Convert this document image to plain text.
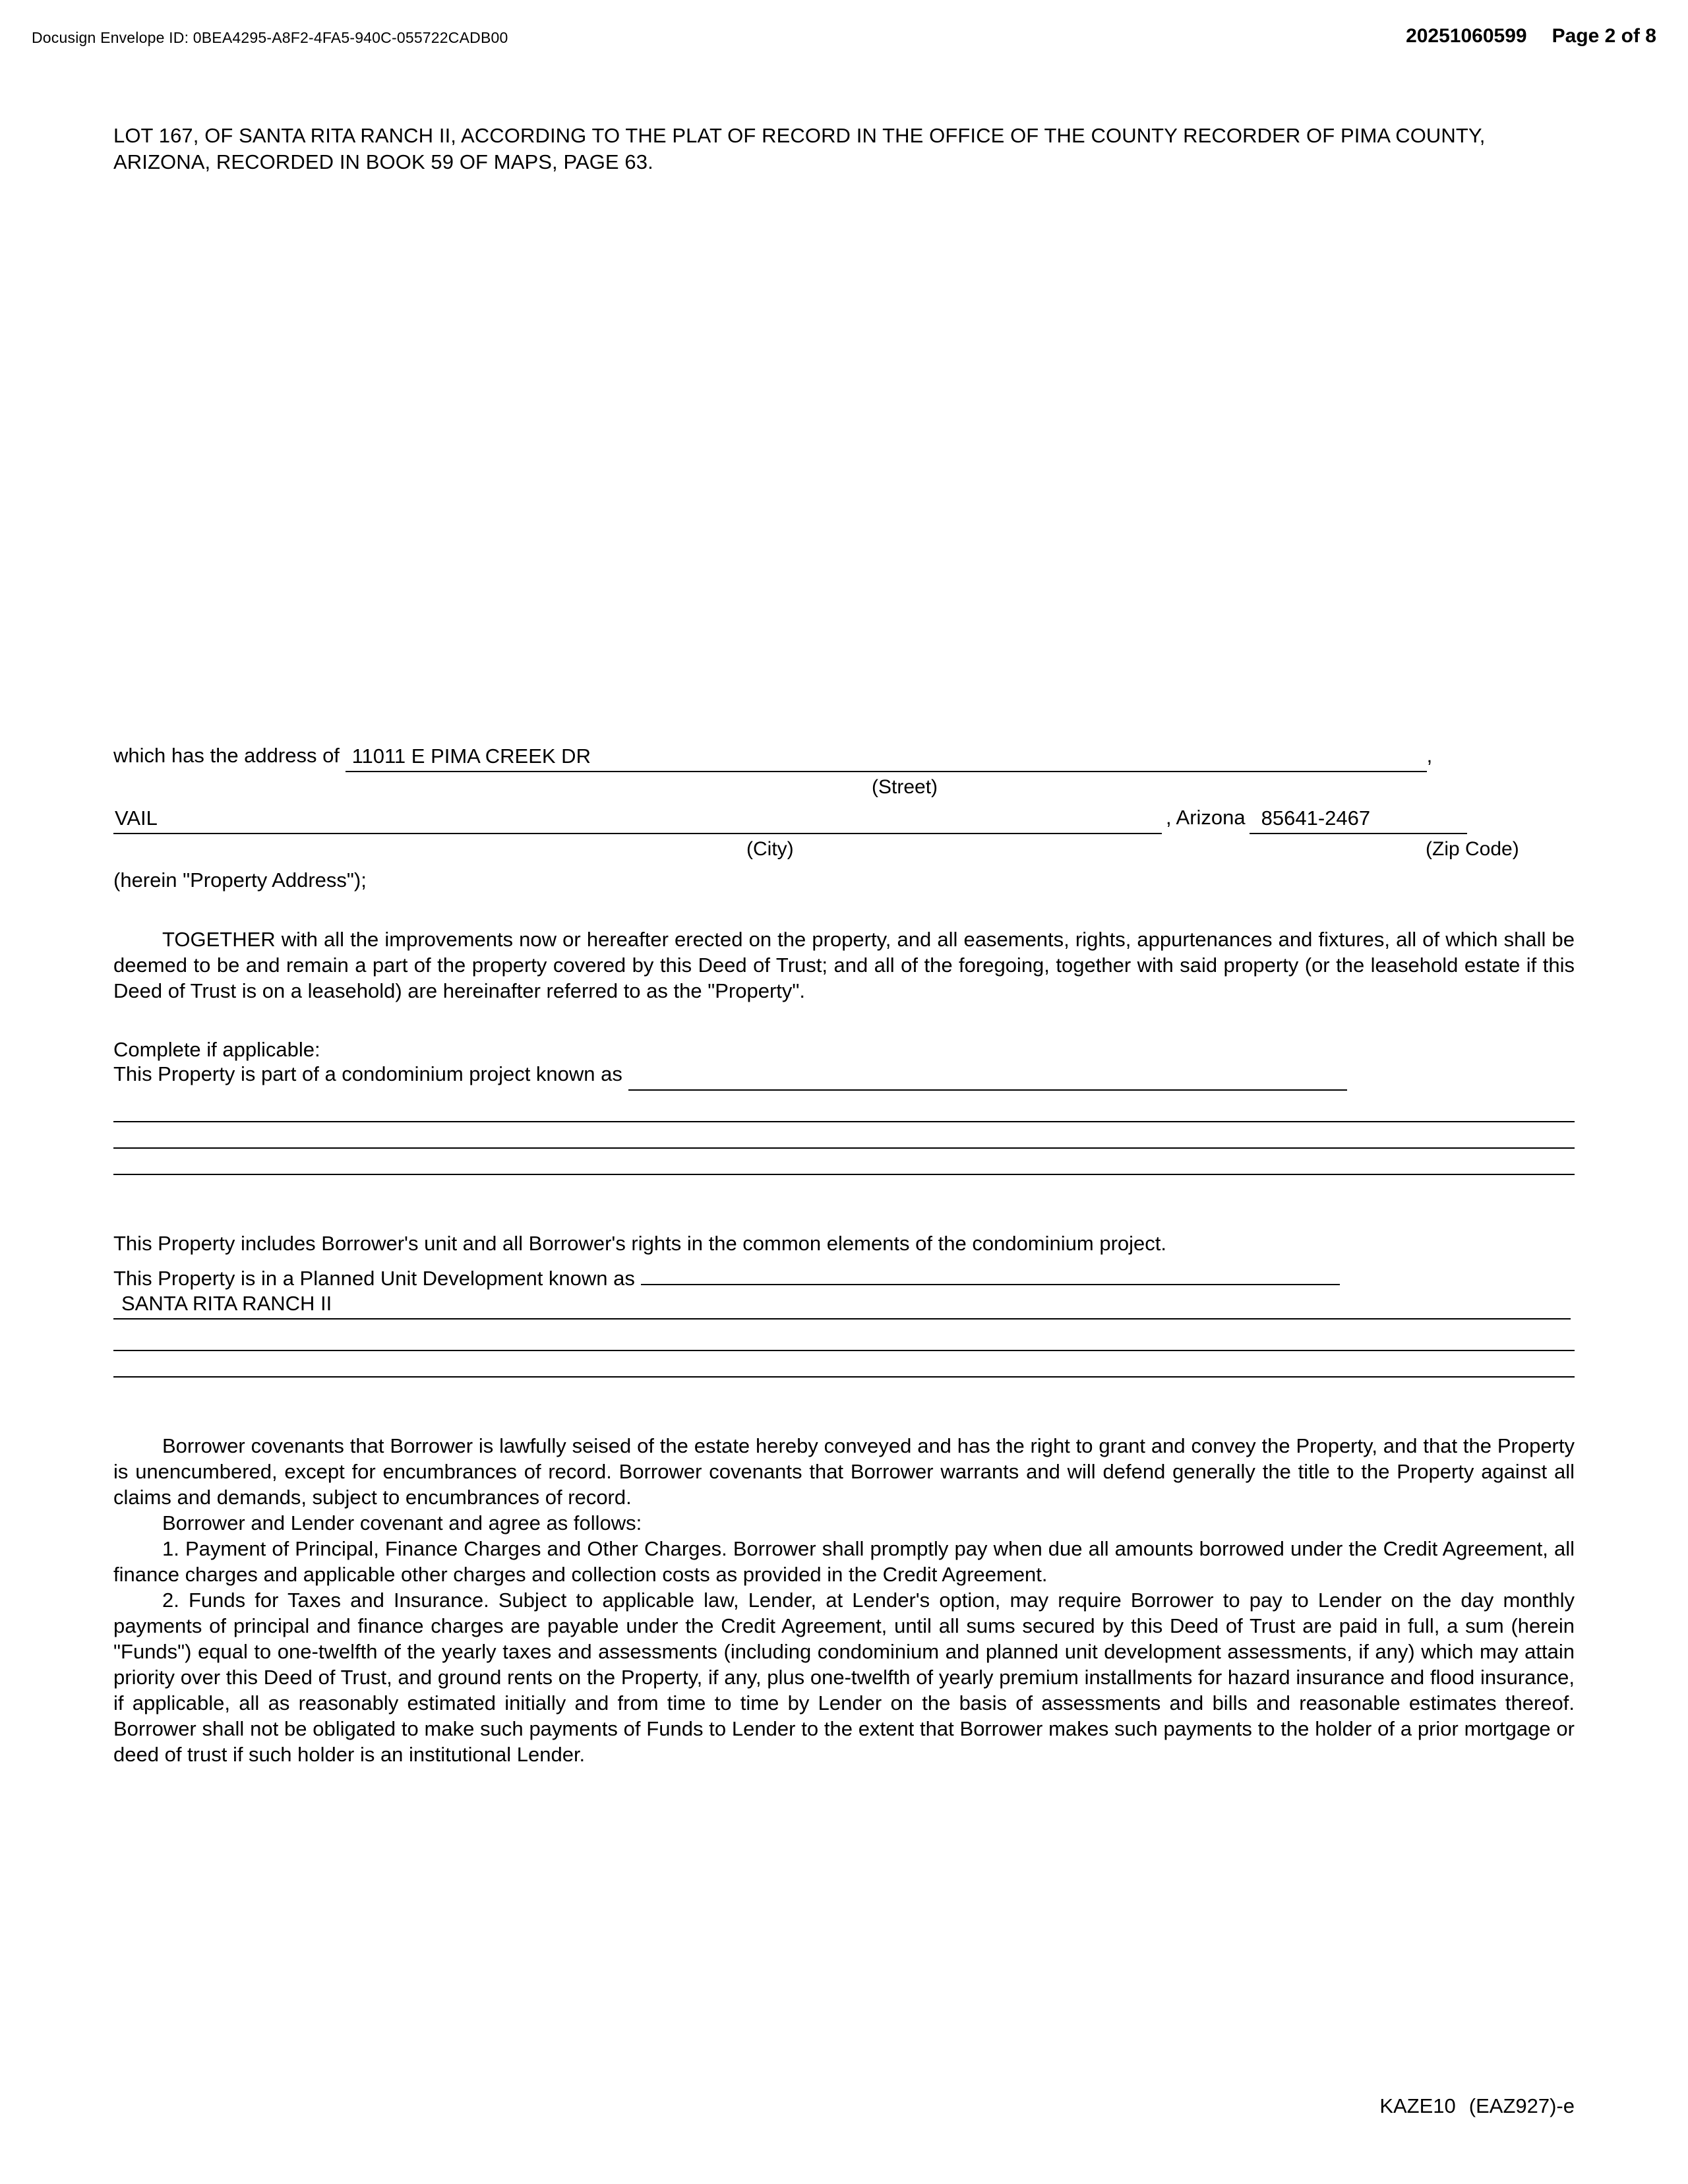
Docusign Envelope ID: 0BEA4295-A8F2-4FA5-940C-055722CADB00	20251060599 Page 2 of 8
LOT 167, OF SANTA RITA RANCH II, ACCORDING TO THE PLAT OF RECORD IN THE OFFICE OF THE COUNTY RECORDER OF PIMA COUNTY, ARIZONA, RECORDED IN BOOK 59 OF MAPS, PAGE 63.
which has the address of 11011 E PIMA CREEK DR	,
(Street)
VAIL	, Arizona 85641-2467
(City)	(Zip Code)
(herein "Property Address");
TOGETHER with all the improvements now or hereafter erected on the property, and all easements, rights, appurtenances and fixtures, all of which shall be deemed to be and remain a part of the property covered by this Deed of Trust; and all of the foregoing, together with said property (or the leasehold estate if this Deed of Trust is on a leasehold) are hereinafter referred to as the "Property".
Complete if applicable:
This Property is part of a condominium project known as
This Property includes Borrower's unit and all Borrower's rights in the common elements of the condominium project.
This Property is in a Planned Unit Development known as
SANTA RITA RANCH II
Borrower covenants that Borrower is lawfully seised of the estate hereby conveyed and has the right to grant and convey the Property, and that the Property is unencumbered, except for encumbrances of record. Borrower covenants that Borrower warrants and will defend generally the title to the Property against all claims and demands, subject to encumbrances of record.
Borrower and Lender covenant and agree as follows:
1. Payment of Principal, Finance Charges and Other Charges. Borrower shall promptly pay when due all amounts borrowed under the Credit Agreement, all finance charges and applicable other charges and collection costs as provided in the Credit Agreement.
2. Funds for Taxes and Insurance. Subject to applicable law, Lender, at Lender's option, may require Borrower to pay to Lender on the day monthly payments of principal and finance charges are payable under the Credit Agreement, until all sums secured by this Deed of Trust are paid in full, a sum (herein "Funds") equal to one-twelfth of the yearly taxes and assessments (including condominium and planned unit development assessments, if any) which may attain priority over this Deed of Trust, and ground rents on the Property, if any, plus one-twelfth of yearly premium installments for hazard insurance and flood insurance, if applicable, all as reasonably estimated initially and from time to time by Lender on the basis of assessments and bills and reasonable estimates thereof. Borrower shall not be obligated to make such payments of Funds to Lender to the extent that Borrower makes such payments to the holder of a prior mortgage or deed of trust if such holder is an institutional Lender.
KAZE10 (EAZ927)-e
